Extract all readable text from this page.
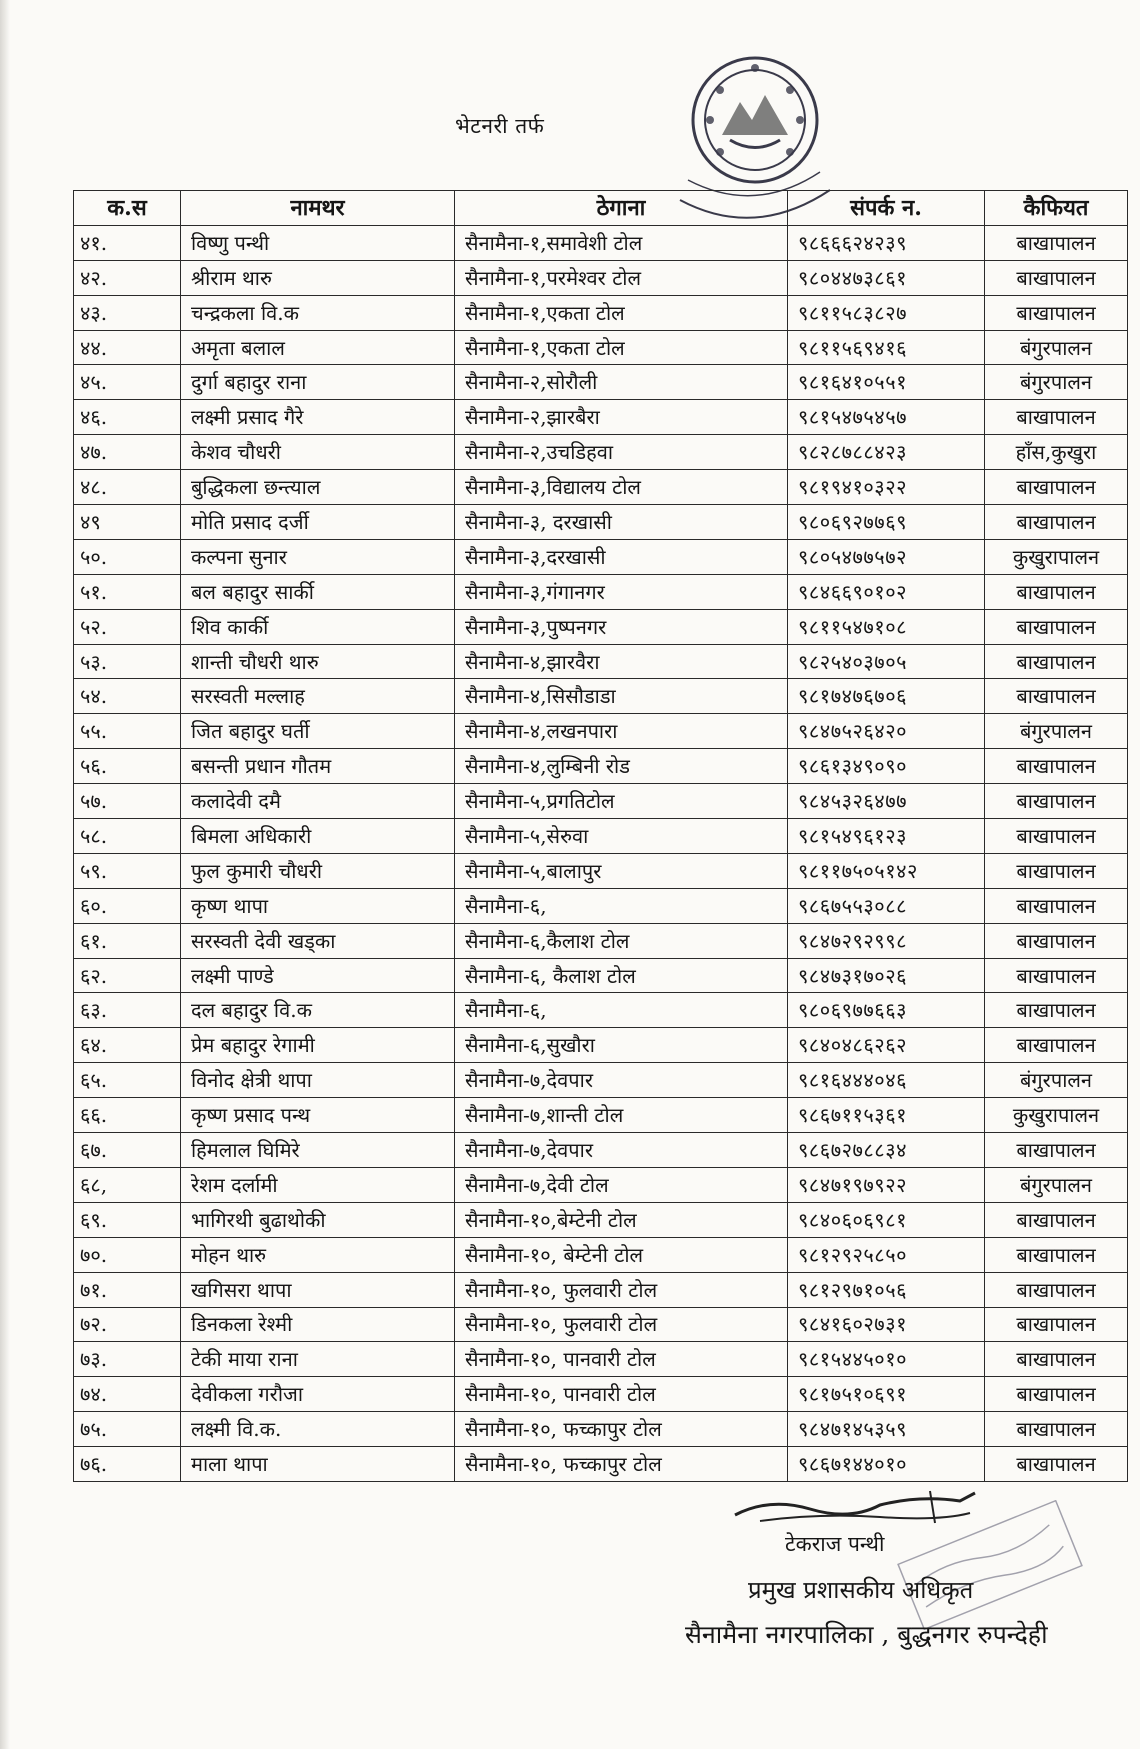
भेटनरी तर्फ
क.स	नामथर	ठेगाना	संपर्क न.	कैफियत
४१.	विष्णु पन्थी	सैनामैना-१,समावेशी टोल	९८६६६२४२३९	बाखापालन
४२.	श्रीराम थारु	सैनामैना-१,परमेश्वर टोल	९८०४४७३८६१	बाखापालन
४३.	चन्द्रकला वि.क	सैनामैना-१,एकता टोल	९८११५८३८२७	बाखापालन
४४.	अमृता बलाल	सैनामैना-१,एकता टोल	९८११५६९४१६	बंगुरपालन
४५.	दुर्गा बहादुर राना	सैनामैना-२,सोरौली	९८१६४१०५५१	बंगुरपालन
४६.	लक्ष्मी प्रसाद गैरे	सैनामैना-२,झारबैरा	९८१५४७५४५७	बाखापालन
४७.	केशव चौधरी	सैनामैना-२,उचडिहवा	९८२८७८८४२३	हाँस,कुखुरा
४८.	बुद्धिकला छन्त्याल	सैनामैना-३,विद्यालय टोल	९८१९४१०३२२	बाखापालन
४९	मोति प्रसाद दर्जी	सैनामैना-३, दरखासी	९८०६९२७७६९	बाखापालन
५०.	कल्पना सुनार	सैनामैना-३,दरखासी	९८०५४७७५७२	कुखुरापालन
५१.	बल बहादुर सार्की	सैनामैना-३,गंगानगर	९८४६६९०१०२	बाखापालन
५२.	शिव कार्की	सैनामैना-३,पुष्पनगर	९८११५४७१०८	बाखापालन
५३.	शान्ती चौधरी थारु	सैनामैना-४,झारवैरा	९८२५४०३७०५	बाखापालन
५४.	सरस्वती मल्लाह	सैनामैना-४,सिसौडाडा	९८१७४७६७०६	बाखापालन
५५.	जित बहादुर घर्ती	सैनामैना-४,लखनपारा	९८४७५२६४२०	बंगुरपालन
५६.	बसन्ती प्रधान गौतम	सैनामैना-४,लुम्बिनी रोड	९८६१३४९०९०	बाखापालन
५७.	कलादेवी दमै	सैनामैना-५,प्रगतिटोल	९८४५३२६४७७	बाखापालन
५८.	बिमला अधिकारी	सैनामैना-५,सेरुवा	९८१५४९६१२३	बाखापालन
५९.	फुल कुमारी चौधरी	सैनामैना-५,बालापुर	९८११७५०५१४२	बाखापालन
६०.	कृष्ण थापा	सैनामैना-६,	९८६७५५३०८८	बाखापालन
६१.	सरस्वती देवी खड्का	सैनामैना-६,कैलाश टोल	९८४७२९२९९८	बाखापालन
६२.	लक्ष्मी पाण्डे	सैनामैना-६, कैलाश टोल	९८४७३१७०२६	बाखापालन
६३.	दल बहादुर वि.क	सैनामैना-६,	९८०६९७७६६३	बाखापालन
६४.	प्रेम बहादुर रेगामी	सैनामैना-६,सुखौरा	९८४०४८६२६२	बाखापालन
६५.	विनोद क्षेत्री थापा	सैनामैना-७,देवपार	९८१६४४४०४६	बंगुरपालन
६६.	कृष्ण प्रसाद पन्थ	सैनामैना-७,शान्ती टोल	९८६७११५३६१	कुखुरापालन
६७.	हिमलाल घिमिरे	सैनामैना-७,देवपार	९८६७२७८८३४	बाखापालन
६८,	रेशम दर्लामी	सैनामैना-७,देवी टोल	९८४७१९७९२२	बंगुरपालन
६९.	भागिरथी बुढाथोकी	सैनामैना-१०,बेम्टेनी टोल	९८४०६०६९८१	बाखापालन
७०.	मोहन थारु	सैनामैना-१०, बेम्टेनी टोल	९८१२९२५८५०	बाखापालन
७१.	खगिसरा थापा	सैनामैना-१०, फुलवारी टोल	९८१२९७१०५६	बाखापालन
७२.	डिनकला रेश्मी	सैनामैना-१०, फुलवारी टोल	९८४१६०२७३१	बाखापालन
७३.	टेकी माया राना	सैनामैना-१०, पानवारी टोल	९८१५४४५०१०	बाखापालन
७४.	देवीकला गरौजा	सैनामैना-१०, पानवारी टोल	९८१७५१०६९१	बाखापालन
७५.	लक्ष्मी वि.क.	सैनामैना-१०, फच्कापुर टोल	९८४७१४५३५९	बाखापालन
७६.	माला थापा	सैनामैना-१०, फच्कापुर टोल	९८६७१४४०१०	बाखापालन
टेकराज पन्थी
प्रमुख प्रशासकीय अधिकृत
सैनामैना नगरपालिका , बुद्धनगर रुपन्देही
